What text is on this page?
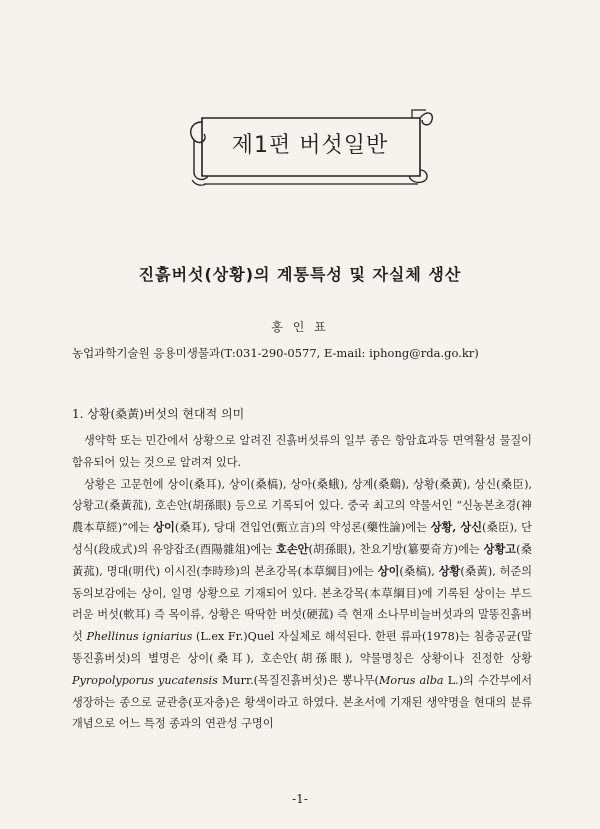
제1편 버섯일반
진흙버섯(상황)의 계통특성 및 자실체 생산
홍 인 표
농업과학기술원 응용미생물과(T:031-290-0577, E-mail: iphong@rda.go.kr)
1. 상황(桑黃)버섯의 현대적 의미

생약학 또는 민간에서 상황으로 알려진 진흙버섯류의 일부 종은 항암효과등 면역활성 물질이 함유되어 있는 것으로 알려져 있다.

상황은 고문헌에 상이(桑耳), 상이(桑槁), 상아(桑蛾), 상계(桑鷄), 상황(桑黃), 상신(桑臣), 상황고(桑黃菰), 호손안(胡孫眼) 등으로 기록되어 있다. 중국 최고의 약물서인 “신농본초경(神農本草經)”에는 상이(桑耳), 당대 견입언(甄立言)의 약성론(藥性論)에는 상황, 상신(桑臣), 단성식(段成式)의 유양잡조(酉陽雜俎)에는 호손안(胡孫眼), 찬요기방(簒要奇方)에는 상황고(桑黃菰), 명대(明代) 이시진(李時珍)의 본초강목(本草綱目)에는 상이(桑槁), 상황(桑黃), 허준의 동의보감에는 상이, 일명 상황으로 기재되어 있다. 본초강목(本草綱目)에 기록된 상이는 부드러운 버섯(軟耳) 즉 목이류, 상황은 딱딱한 버섯(硬菰) 즉 현재 소나무비늘버섯과의 말똥진흙버섯 Phellinus igniarius (L.ex Fr.)Quel 자실체로 해석된다. 한편 류파(1978)는 침층공균(말똥진흙버섯)의 별명은 상이(桑耳), 호손안(胡孫眼), 약물명칭은 상황이나 진정한 상황 Pyropolyporus yucatensis Murr.(목질진흙버섯)은 뽕나무(Morus alba L.)의 수간부에서 생장하는 종으로 균관층(포자층)은 황색이라고 하였다. 본초서에 기재된 생약명을 현대의 분류개념으로 어느 특정 종과의 연관성 구명이

-1-
